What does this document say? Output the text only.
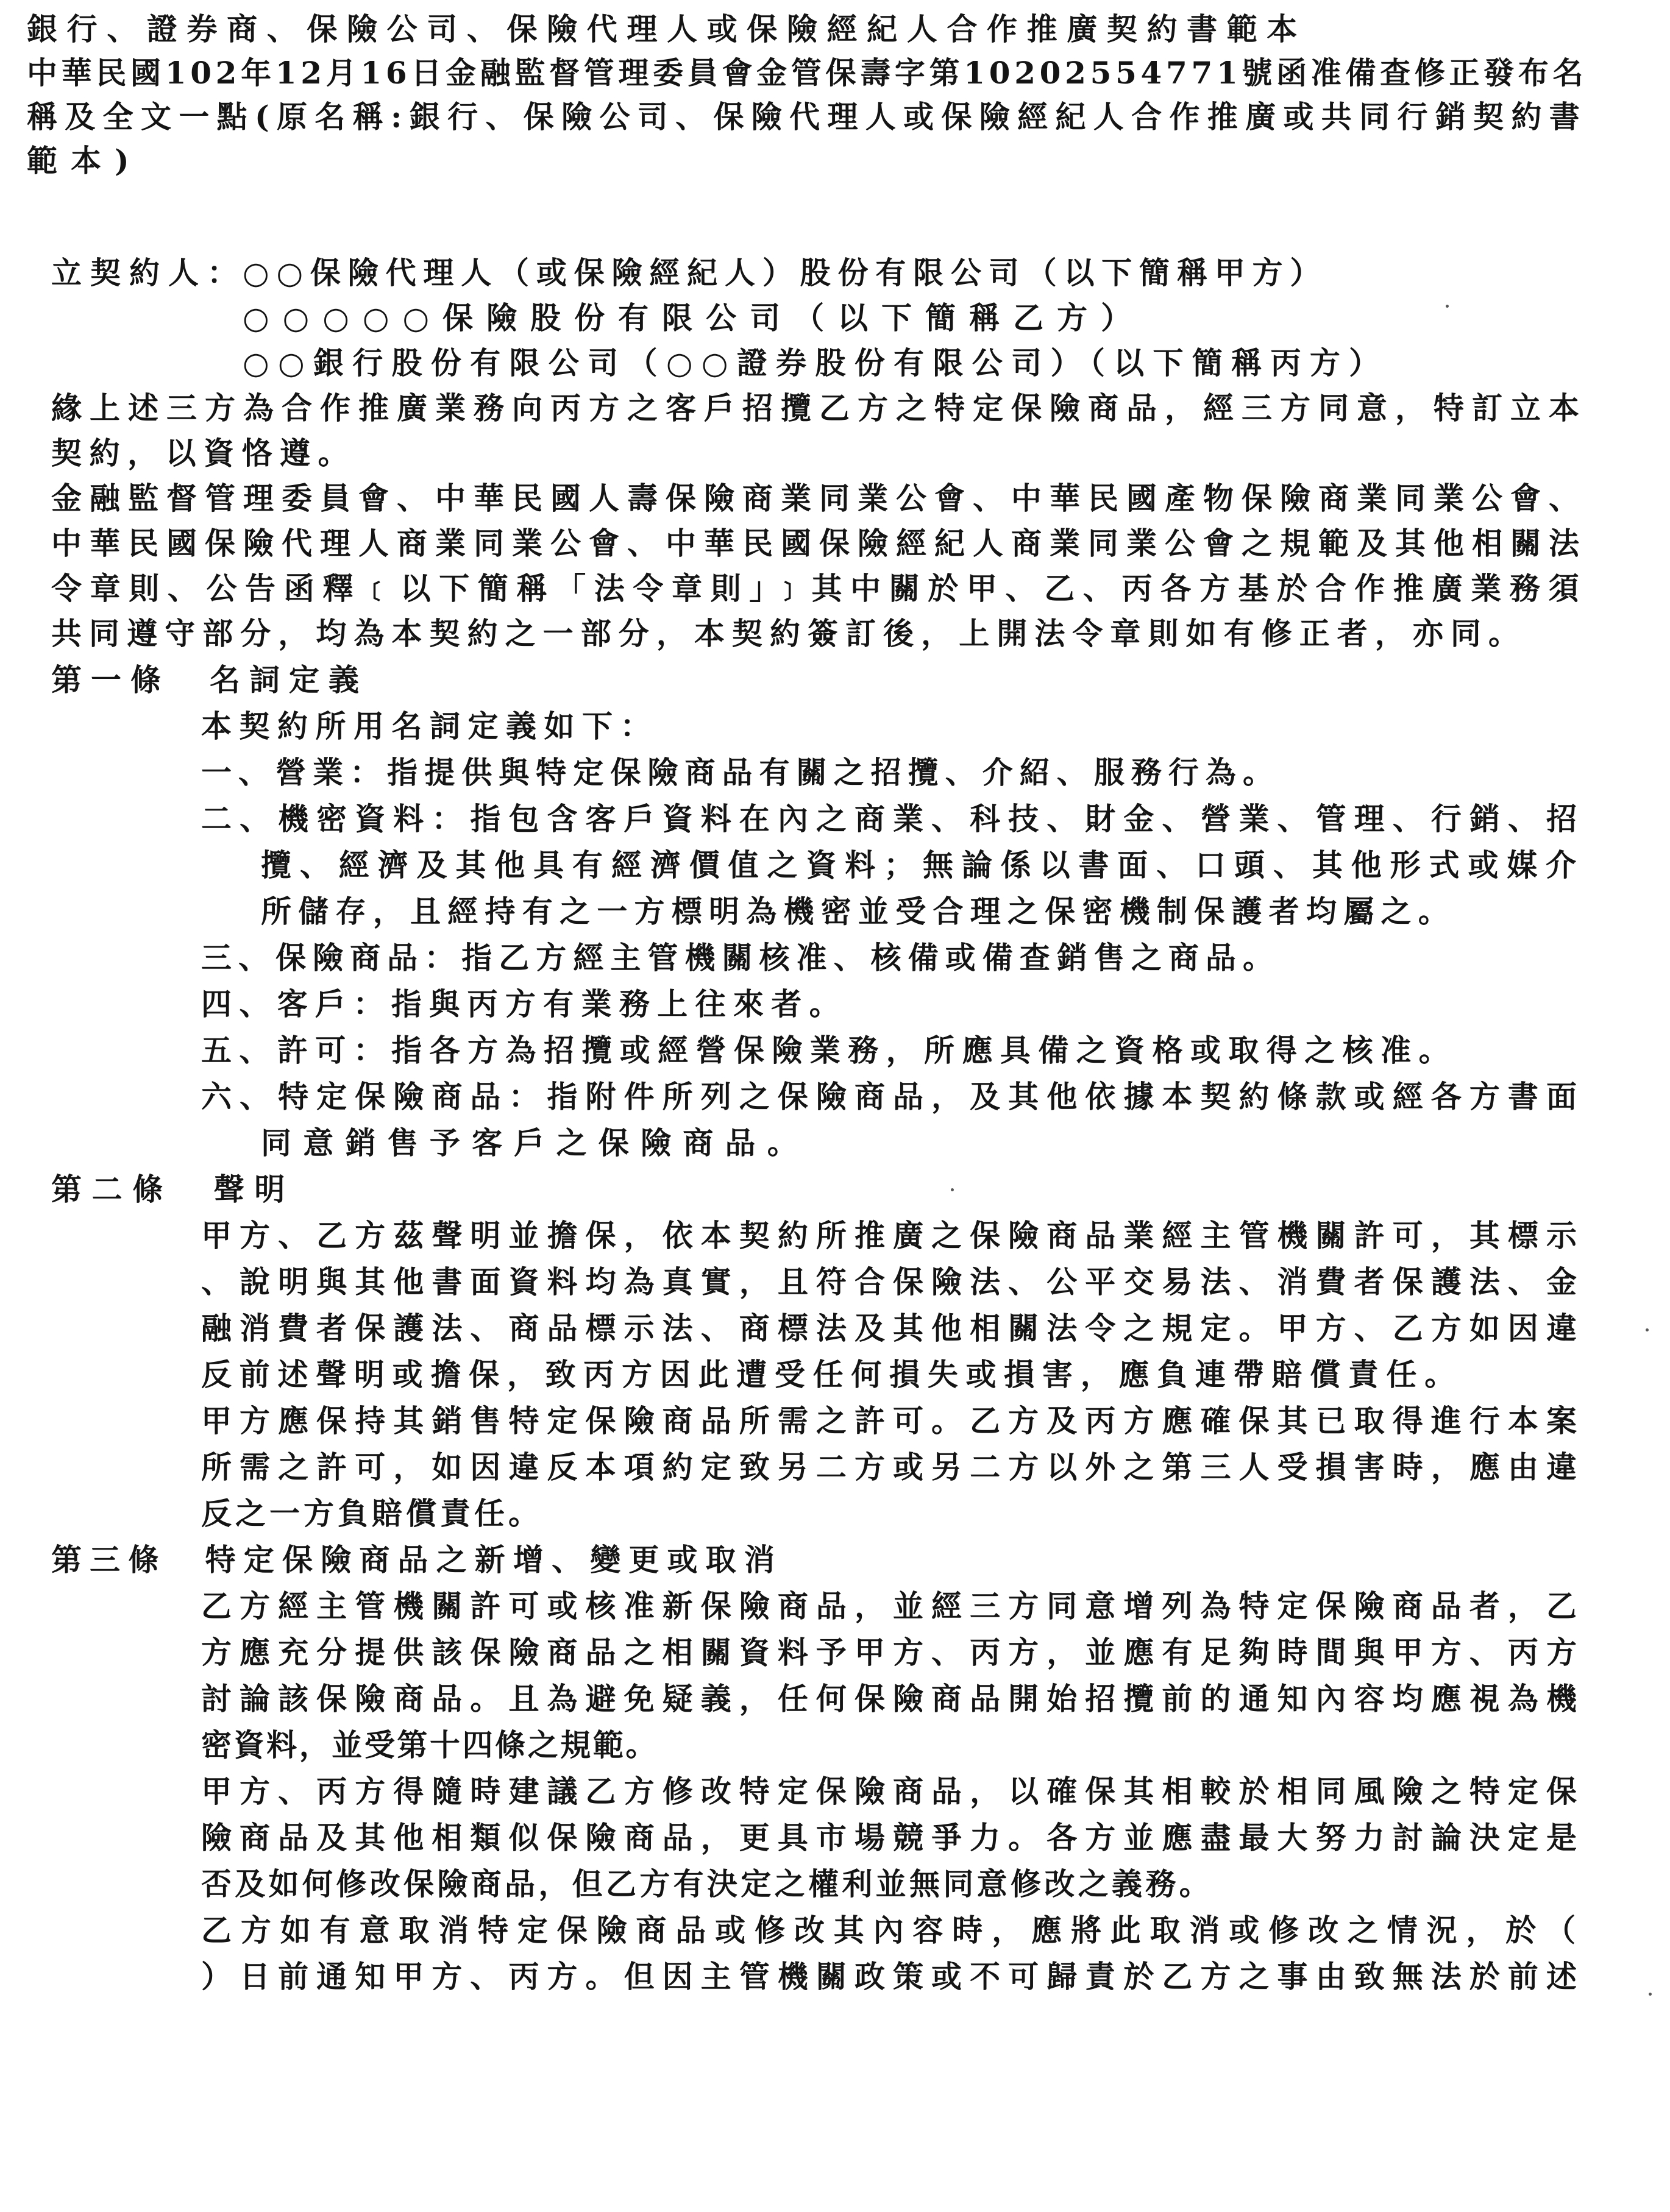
銀行、證券商、保險公司、保險代理人或保險經紀人合作推廣契約書範本
中華民國102年12月16日金融監督管理委員會金管保壽字第10202554771號函准備查修正發布名
稱及全文一點(原名稱:銀行、保險公司、保險代理人或保險經紀人合作推廣或共同行銷契約書
範本)
立契約人：
○○保險代理人（或保險經紀人）股份有限公司（以下簡稱甲方）
○○○○○保險股份有限公司（以下簡稱乙方）
○○銀行股份有限公司（○○證券股份有限公司）（以下簡稱丙方）
緣上述三方為合作推廣業務向丙方之客戶招攬乙方之特定保險商品，經三方同意，特訂立本
契約，以資恪遵。
金融監督管理委員會、中華民國人壽保險商業同業公會、中華民國產物保險商業同業公會、
中華民國保險代理人商業同業公會、中華民國保險經紀人商業同業公會之規範及其他相關法
令章則、公告函釋﹝以下簡稱「法令章則」﹞其中關於甲、乙、丙各方基於合作推廣業務須
共同遵守部分，均為本契約之一部分，本契約簽訂後，上開法令章則如有修正者，亦同。
第一條　名詞定義
本契約所用名詞定義如下：
一、營業：指提供與特定保險商品有關之招攬、介紹、服務行為。
二、機密資料：指包含客戶資料在內之商業、科技、財金、營業、管理、行銷、招
攬、經濟及其他具有經濟價值之資料；無論係以書面、口頭、其他形式或媒介
所儲存，且經持有之一方標明為機密並受合理之保密機制保護者均屬之。
三、保險商品：指乙方經主管機關核准、核備或備查銷售之商品。
四、客戶：指與丙方有業務上往來者。
五、許可：指各方為招攬或經營保險業務，所應具備之資格或取得之核准。
六、特定保險商品：指附件所列之保險商品，及其他依據本契約條款或經各方書面
同意銷售予客戶之保險商品。
第二條　聲明
甲方、乙方茲聲明並擔保，依本契約所推廣之保險商品業經主管機關許可，其標示
、說明與其他書面資料均為真實，且符合保險法、公平交易法、消費者保護法、金
融消費者保護法、商品標示法、商標法及其他相關法令之規定。甲方、乙方如因違
反前述聲明或擔保，致丙方因此遭受任何損失或損害，應負連帶賠償責任。
甲方應保持其銷售特定保險商品所需之許可。乙方及丙方應確保其已取得進行本案
所需之許可，如因違反本項約定致另二方或另二方以外之第三人受損害時，應由違
反之一方負賠償責任。
第三條　特定保險商品之新增、變更或取消
乙方經主管機關許可或核准新保險商品，並經三方同意增列為特定保險商品者，乙
方應充分提供該保險商品之相關資料予甲方、丙方，並應有足夠時間與甲方、丙方
討論該保險商品。且為避免疑義，任何保險商品開始招攬前的通知內容均應視為機
密資料，並受第十四條之規範。
甲方、丙方得隨時建議乙方修改特定保險商品，以確保其相較於相同風險之特定保
險商品及其他相類似保險商品，更具市場競爭力。各方並應盡最大努力討論決定是
否及如何修改保險商品，但乙方有決定之權利並無同意修改之義務。
乙方如有意取消特定保險商品或修改其內容時，應將此取消或修改之情況，於（
）日前通知甲方、丙方。但因主管機關政策或不可歸責於乙方之事由致無法於前述
